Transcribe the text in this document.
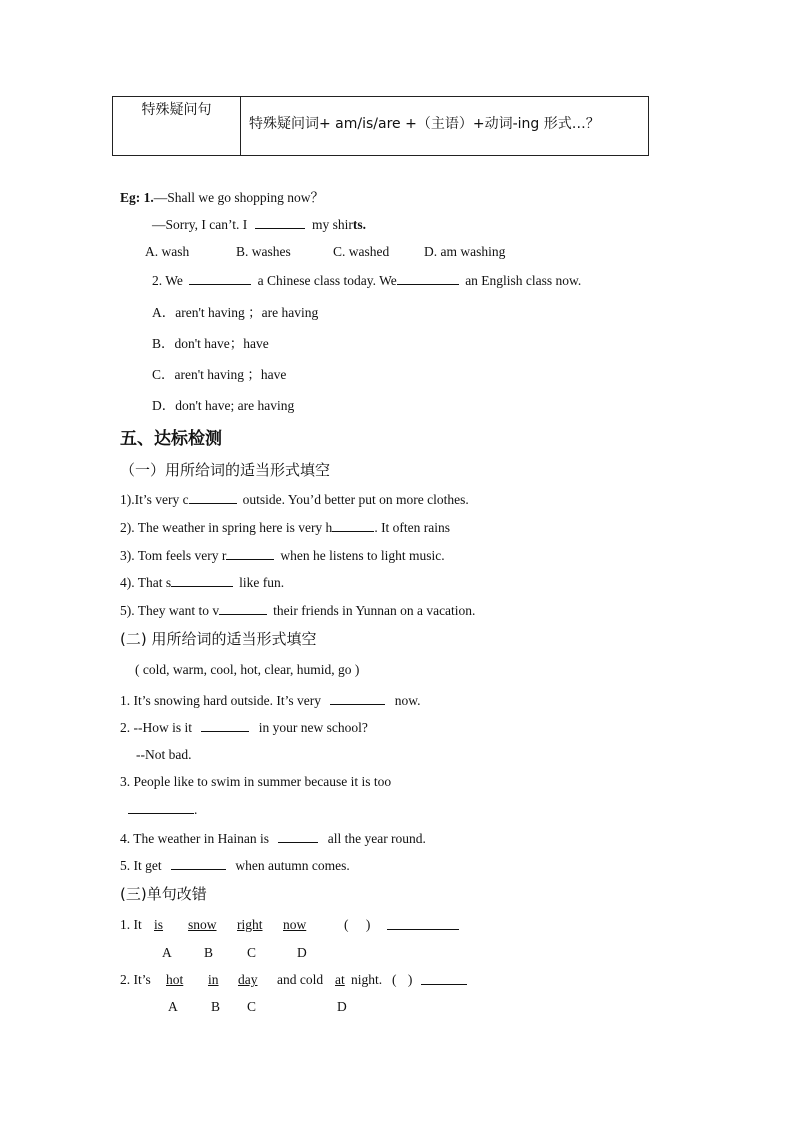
特殊疑问句	特殊疑问词+ am/is/are +（主语）+动词-ing 形式…？
Eg: 1.—Shall we go shopping now？
—Sorry, I can’t. I	my shirts.
A. wash	B. washes	C. washed	D. am washing
2. We	a Chinese class today. We	an English class now.
A．aren't having ；are having
B．don't have；have
C．aren't having ；have
D．don't have; are having
五、达标检测
（一）用所给词的适当形式填空
1).It’s very c	outside. You’d better put on more clothes.
2). The weather in spring here is very h	. It often rains
3). Tom feels very r	when he listens to light music.
4). That s	like fun.
5). They want to v	their friends in Yunnan on a vacation.
(二) 用所给词的适当形式填空
( cold, warm, cool, hot, clear, humid, go )
1. It’s snowing hard outside. It’s very	now.
2. --How is it	in your new school?
--Not bad.
3. People like to swim in summer because it is too
.
4. The weather in Hainan is	all the year round.
5. It get	when autumn comes.
(三)单句改错
1. It is snow right now	( )
A B	C	D
2. It’s hot in day and cold at night. ( )
A B C	D
